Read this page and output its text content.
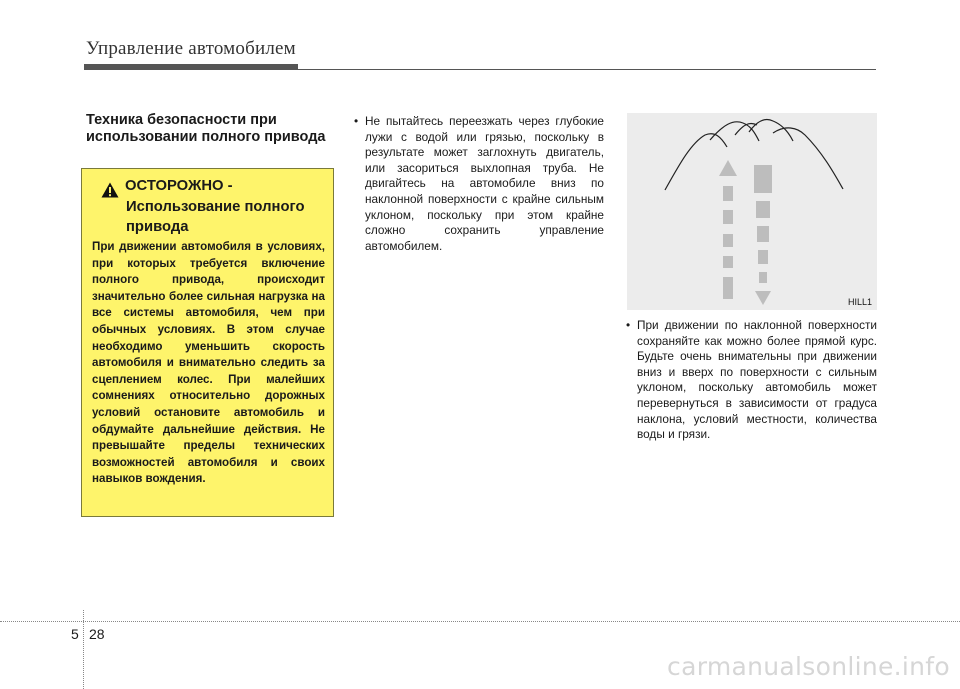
Управление автомобилем
Техника безопасности при использовании полного привода
ОСТОРОЖНО -
Использование полного привода
При движении автомобиля в условиях, при которых требуется включение полного привода, происходит значительно более сильная нагрузка на все системы автомобиля, чем при обычных условиях. В этом случае необходимо уменьшить скорость автомобиля и внимательно следить за сцеплением колес. При малейших сомнениях относительно дорожных условий остановите автомобиль и обдумайте дальнейшие действия. Не превышайте пределы технических возможностей автомобиля и своих навыков вождения.
• Не пытайтесь переезжать через глубокие лужи с водой или грязью, поскольку в результате может заглохнуть двигатель, или засориться выхлопная труба. Не двигайтесь на автомобиле вниз по наклонной поверхности с крайне сильным уклоном, поскольку при этом крайне сложно сохранить управление автомобилем.
HILL1
• При движении по наклонной поверхности сохраняйте как можно более прямой курс. Будьте очень внимательны при движении вниз и вверх по поверхности с сильным уклоном, поскольку автомобиль может перевернуться в зависимости от градуса наклона, условий местности, количества воды и грязи.
5 28
carmanualsonline.info
